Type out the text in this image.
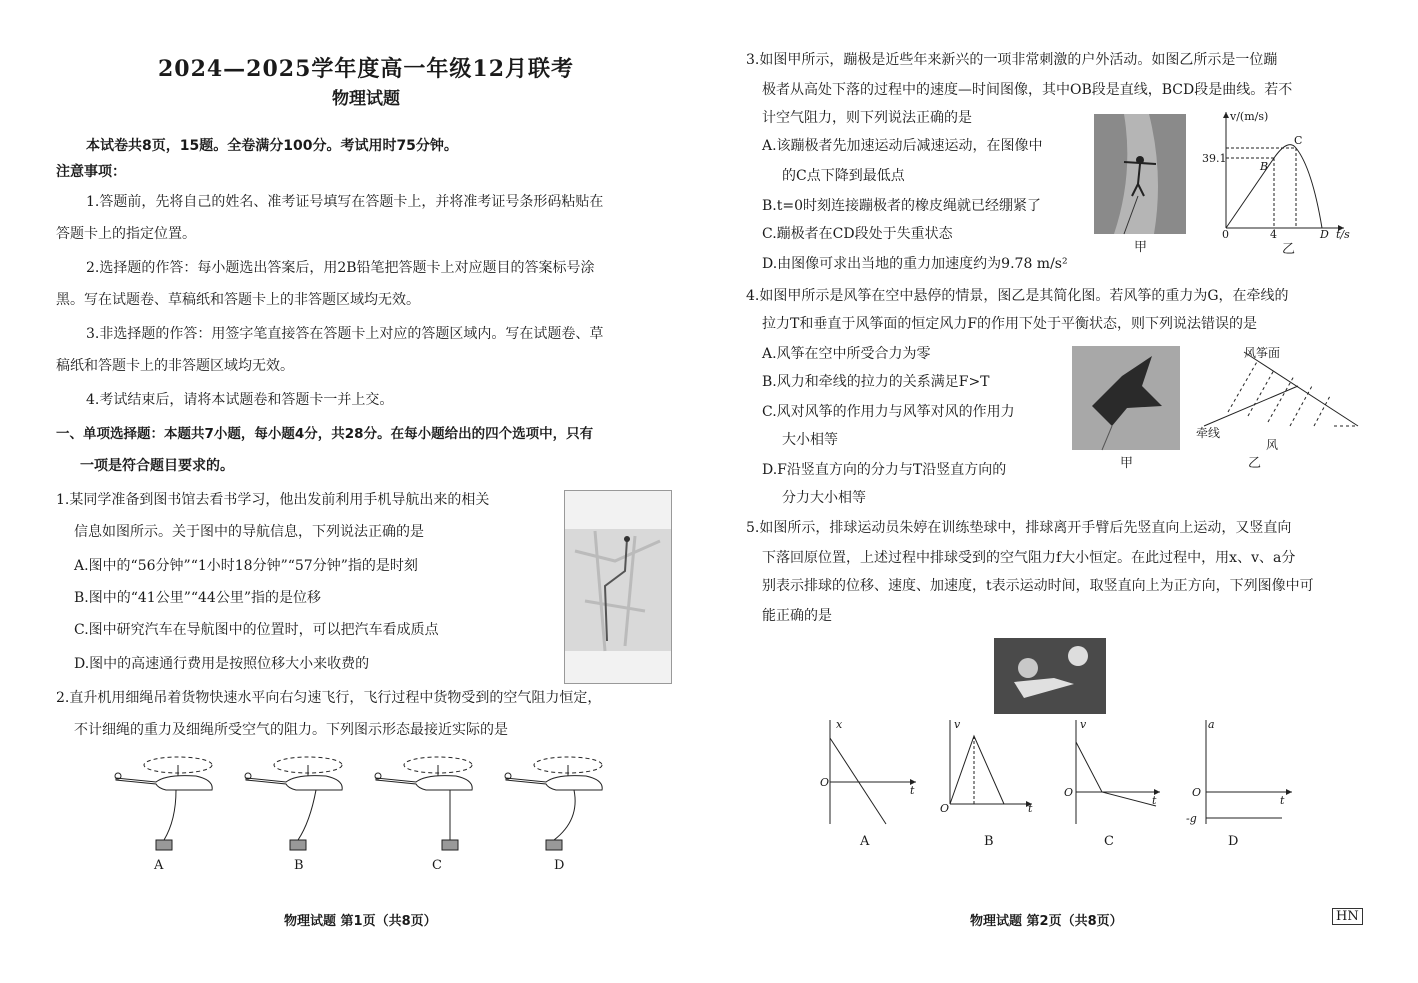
2024—2025学年度高一年级12月联考
物理试题
本试卷共8页，15题。全卷满分100分。考试用时75分钟。
注意事项：
1.答题前，先将自己的姓名、准考证号填写在答题卡上，并将准考证号条形码粘贴在
答题卡上的指定位置。
2.选择题的作答：每小题选出答案后，用2B铅笔把答题卡上对应题目的答案标号涂
黑。写在试题卷、草稿纸和答题卡上的非答题区域均无效。
3.非选择题的作答：用签字笔直接答在答题卡上对应的答题区域内。写在试题卷、草
稿纸和答题卡上的非答题区域均无效。
4.考试结束后，请将本试题卷和答题卡一并上交。
一、单项选择题：本题共7小题，每小题4分，共28分。在每小题给出的四个选项中，只有
一项是符合题目要求的。
1.某同学准备到图书馆去看书学习，他出发前利用手机导航出来的相关
信息如图所示。关于图中的导航信息，下列说法正确的是
A.图中的“56分钟”“1小时18分钟”“57分钟”指的是时刻
B.图中的“41公里”“44公里”指的是位移
C.图中研究汽车在导航图中的位置时，可以把汽车看成质点
D.图中的高速通行费用是按照位移大小来收费的
2.直升机用细绳吊着货物快速水平向右匀速飞行，飞行过程中货物受到的空气阻力恒定，
不计细绳的重力及细绳所受空气的阻力。下列图示形态最接近实际的是
A	B	C	D
物理试题 第1页（共8页）
3.如图甲所示，蹦极是近些年来新兴的一项非常刺激的户外活动。如图乙所示是一位蹦
极者从高处下落的过程中的速度—时间图像，其中OB段是直线，BCD段是曲线。若不
计空气阻力，则下列说法正确的是
A.该蹦极者先加速运动后减速运动，在图像中
的C点下降到最低点
B.t=0时刻连接蹦极者的橡皮绳就已经绷紧了
C.蹦极者在CD段处于失重状态
D.由图像可求出当地的重力加速度约为9.78 m/s²
甲
v/(m/s)
39.1
0	4
B
C
D t/s
乙
4.如图甲所示是风筝在空中悬停的情景，图乙是其简化图。若风筝的重力为G，在牵线的
拉力T和垂直于风筝面的恒定风力F的作用下处于平衡状态，则下列说法错误的是
A.风筝在空中所受合力为零
B.风力和牵线的拉力的关系满足F>T
C.风对风筝的作用力与风筝对风的作用力
大小相等
D.F沿竖直方向的分力与T沿竖直方向的
分力大小相等
甲
风筝面
牵线
风
乙
5.如图所示，排球运动员朱婷在训练垫球中，排球离开手臂后先竖直向上运动，又竖直向
下落回原位置，上述过程中排球受到的空气阻力f大小恒定。在此过程中，用x、v、a分
别表示排球的位移、速度、加速度，t表示运动时间，取竖直向上为正方向，下列图像中可
能正确的是
x
O
t
A
v
O	t
B
v
O
t
C
a
O
-g
t
D
物理试题 第2页（共8页）	HN
